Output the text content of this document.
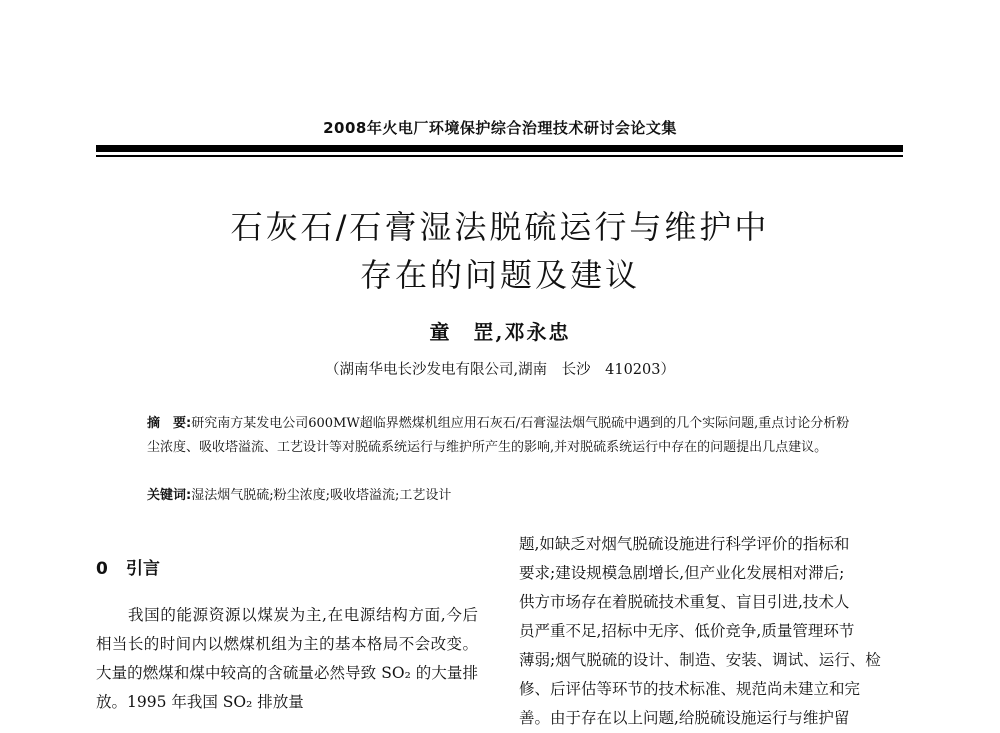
2008年火电厂环境保护综合治理技术研讨会论文集
石灰石/石膏湿法脱硫运行与维护中
存在的问题及建议
童　罡,邓永忠
（湖南华电长沙发电有限公司,湖南　长沙　410203）
摘　要:研究南方某发电公司600MW超临界燃煤机组应用石灰石/石膏湿法烟气脱硫中遇到的几个实际问题,重点讨论分析粉尘浓度、吸收塔溢流、工艺设计等对脱硫系统运行与维护所产生的影响,并对脱硫系统运行中存在的问题提出几点建议。
关键词:湿法烟气脱硫;粉尘浓度;吸收塔溢流;工艺设计
0 引言
我国的能源资源以煤炭为主,在电源结构方面,今后相当长的时间内以燃煤机组为主的基本格局不会改变。大量的燃煤和煤中较高的含硫量必然导致 SO₂ 的大量排放。1995 年我国 SO₂ 排放量
题,如缺乏对烟气脱硫设施进行科学评价的指标和
要求;建设规模急剧增长,但产业化发展相对滞后;
供方市场存在着脱硫技术重复、盲目引进,技术人
员严重不足,招标中无序、低价竞争,质量管理环节
薄弱;烟气脱硫的设计、制造、安装、调试、运行、检
修、后评估等环节的技术标准、规范尚未建立和完
善。由于存在以上问题,给脱硫设施运行与维护留
